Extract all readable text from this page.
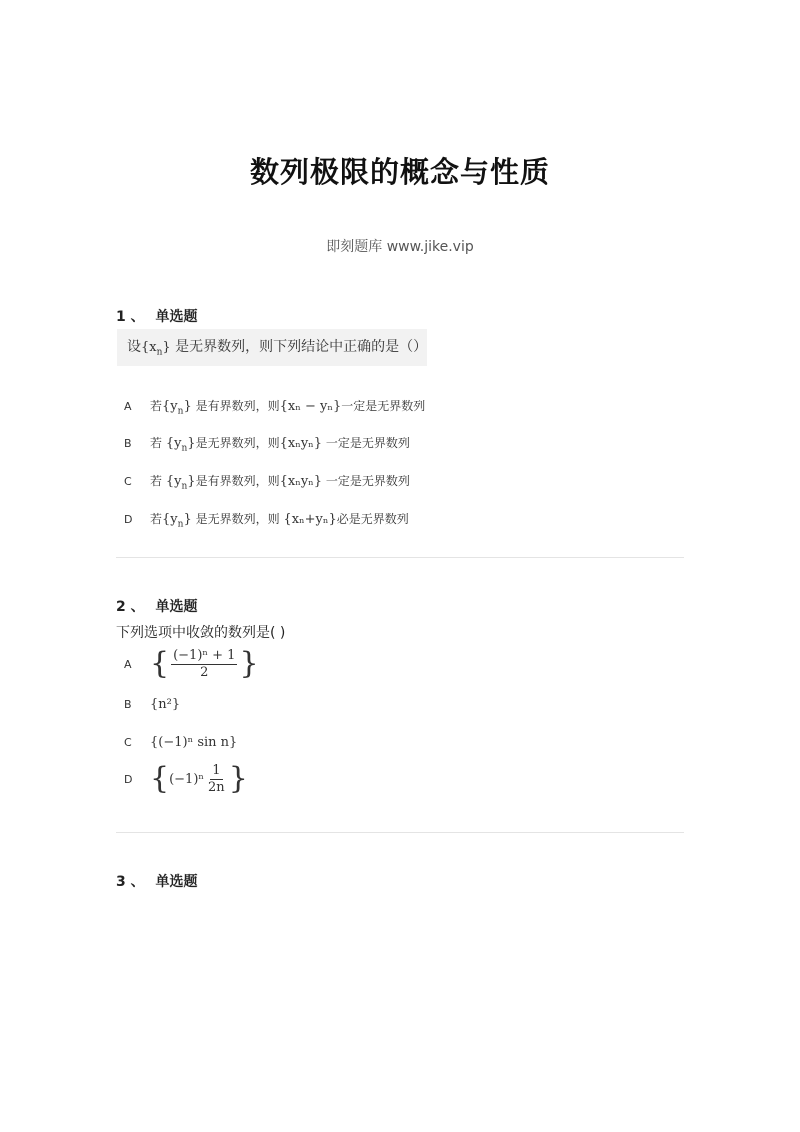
数列极限的概念与性质
即刻题库 www.jike.vip
1 、 单选题
设$\{x_n\}$ 是无界数列，则下列结论中正确的是（）
A	若$\{y_n\}$ 是有界数列，则{xₙ − yₙ}一定是无界数列
B	若 $\{y_n\}$是无界数列，则{xₙyₙ} 一定是无界数列
C	若 $\{y_n\}$是有界数列，则{xₙyₙ} 一定是无界数列
D	若$\{y_n\}$ 是无界数列，则 {xₙ+yₙ}必是无界数列
2 、 单选题
下列选项中收敛的数列是( )
A { $\frac{\text{(−1)ⁿ + 1}}{2}$ }
B	{n²}
C	{(−1)ⁿ sin n}
D { $(-1)^n \frac{1}{2n}$ }
3 、 单选题
